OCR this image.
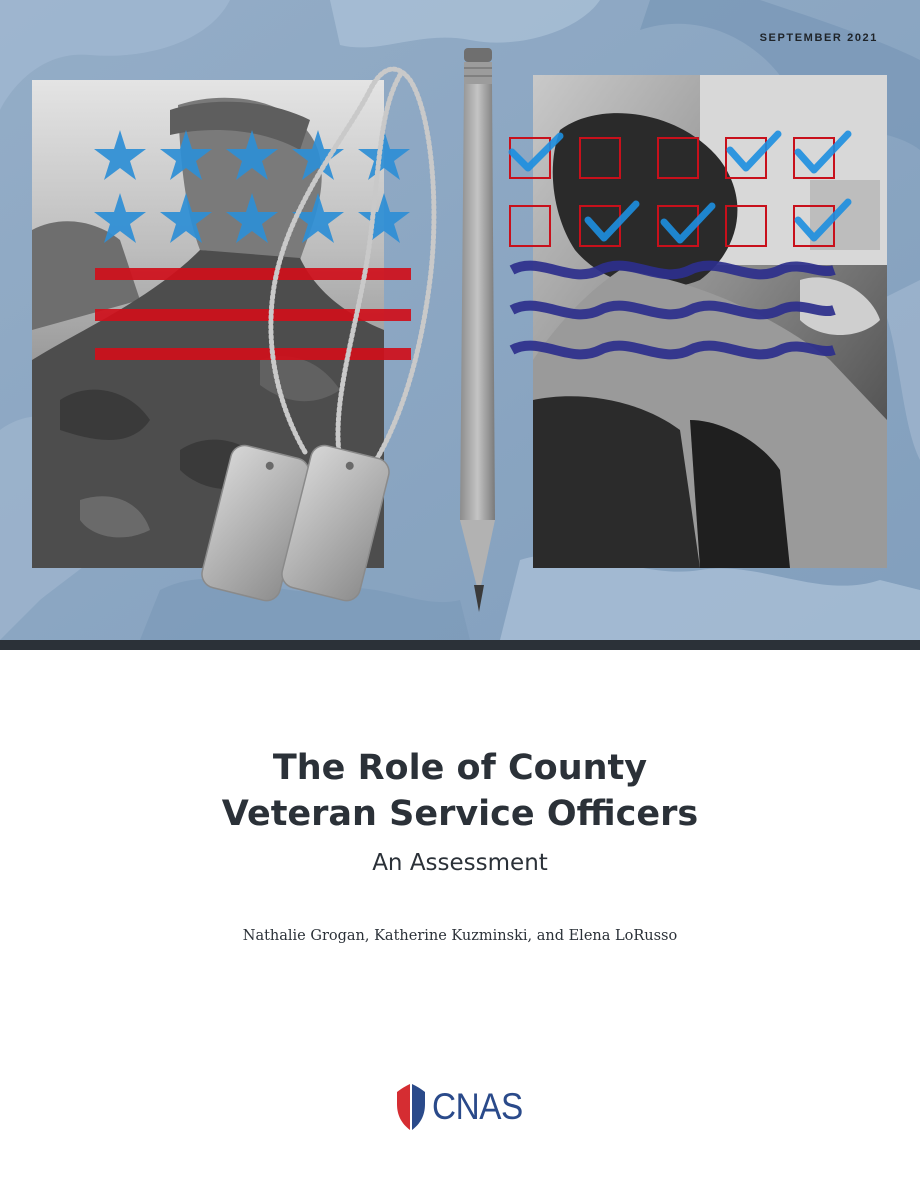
SEPTEMBER 2021
The Role of County
Veteran Service Officers
An Assessment
Nathalie Grogan, Katherine Kuzminski, and Elena LoRusso
CNAS
